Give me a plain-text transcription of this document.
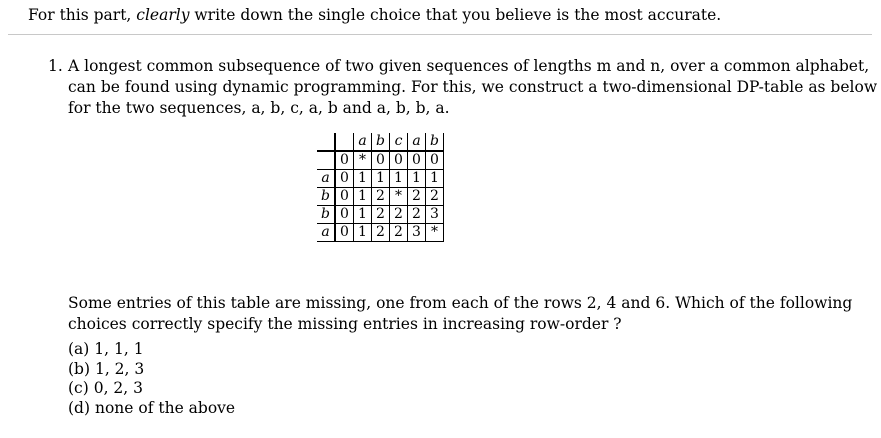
For this part, clearly write down the single choice that you believe is the most accurate.
1. A longest common subsequence of two given sequences of lengths m and n, over a common alphabet,
can be found using dynamic programming. For this, we construct a two-dimensional DP-table as below
for the two sequences, a, b, c, a, b and a, b, b, a.
		a	b	c	a	b
	0	*	0	0	0	0
a	0	1	1	1	1	1
b	0	1	2	*	2	2
b	0	1	2	2	2	3
a	0	1	2	2	3	*
Some entries of this table are missing, one from each of the rows 2, 4 and 6. Which of the following
choices correctly specify the missing entries in increasing row-order ?
(a) 1, 1, 1
(b) 1, 2, 3
(c) 0, 2, 3
(d) none of the above
